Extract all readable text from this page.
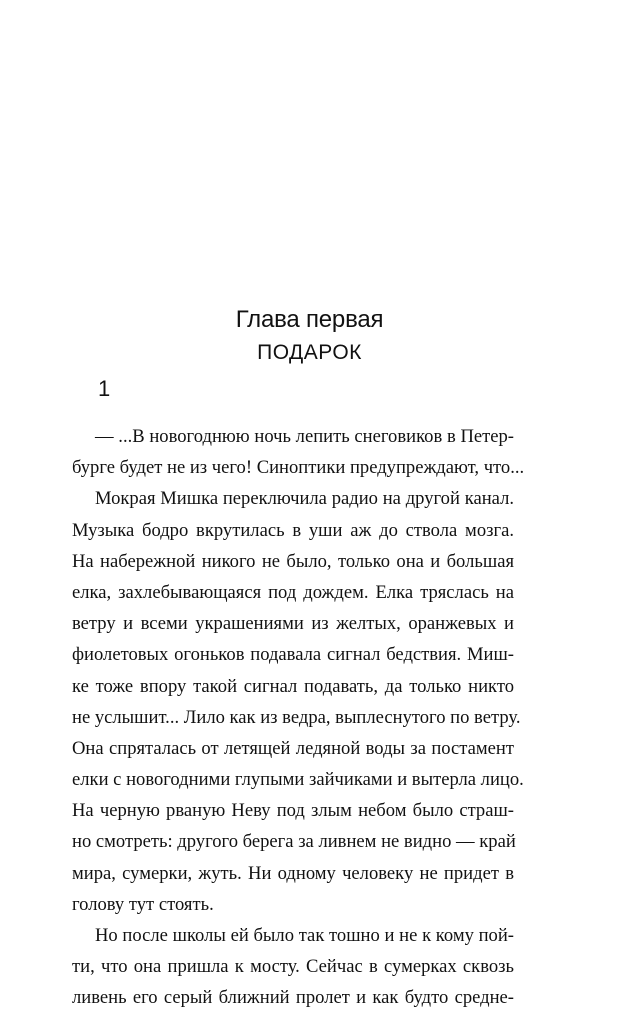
Глава первая
ПОДАРОК
1
— ...В новогоднюю ночь лепить снеговиков в Петер-
бурге будет не из чего! Синоптики предупреждают, что...
Мокрая Мишка переключила радио на другой канал.
Музыка бодро вкрутилась в уши аж до ствола мозга.
На набережной никого не было, только она и большая
елка, захлебывающаяся под дождем. Елка тряслась на
ветру и всеми украшениями из желтых, оранжевых и
фиолетовых огоньков подавала сигнал бедствия. Миш-
ке тоже впору такой сигнал подавать, да только никто
не услышит... Лило как из ведра, выплеснутого по ветру.
Она спряталась от летящей ледяной воды за постамент
елки с новогодними глупыми зайчиками и вытерла лицо.
На черную рваную Неву под злым небом было страш-
но смотреть: другого берега за ливнем не видно — край
мира, сумерки, жуть. Ни одному человеку не придет в
голову тут стоять.
Но после школы ей было так тошно и не к кому пой-
ти, что она пришла к мосту. Сейчас в сумерках сквозь
ливень его серый ближний пролет и как будто средне-
